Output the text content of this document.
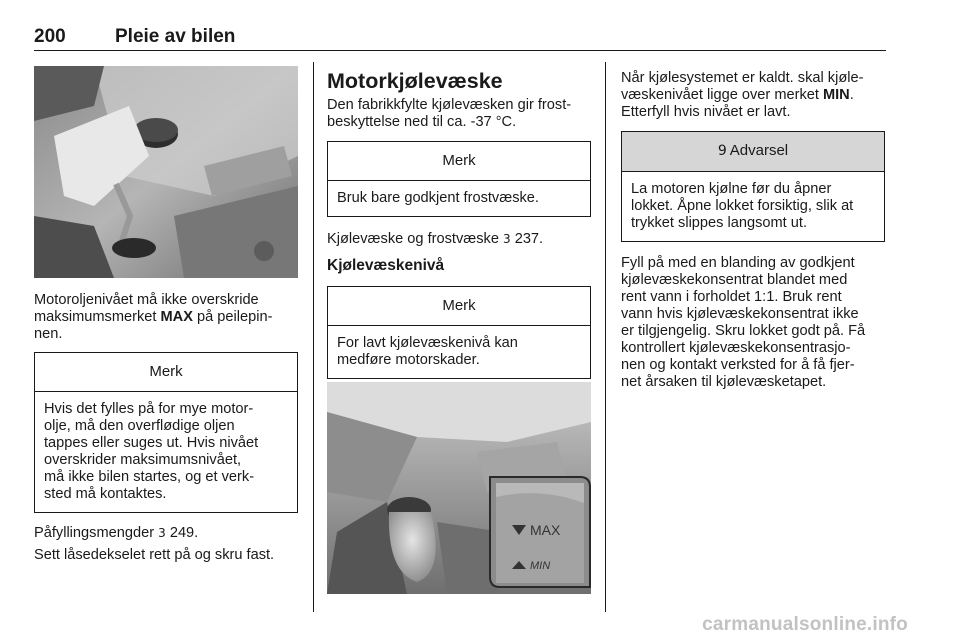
200	Pleie av bilen

Motoroljenivået må ikke overskride
maksimumsmerket MAX på peilepin-
nen.

Merk
Hvis det fylles på for mye motor-
olje, må den overflødige oljen
tappes eller suges ut. Hvis nivået
overskrider maksimumsnivået,
må ikke bilen startes, og et verk-
sted må kontaktes.

Påfyllingsmengder 3 249.

Sett låsedekselet rett på og skru fast.

Motorkjølevæske

Den fabrikkfylte kjølevæsken gir frost-
beskyttelse ned til ca. -37 °C.

Merk
Bruk bare godkjent frostvæske.

Kjølevæske og frostvæske 3 237.

Kjølevæskenivå
Merk
For lavt kjølevæskenivå kan
medføre motorskader.
MAX
MIN

Når kjølesystemet er kaldt. skal kjøle-
væskenivået ligge over merket MIN.
Etterfyll hvis nivået er lavt.

9 Advarsel
La motoren kjølne før du åpner
lokket. Åpne lokket forsiktig, slik at
trykket slippes langsomt ut.

Fyll på med en blanding av godkjent
kjølevæskekonsentrat blandet med
rent vann i forholdet 1:1. Bruk rent
vann hvis kjølevæskekonsentrat ikke
er tilgjengelig. Skru lokket godt på. Få
kontrollert kjølevæskekonsentrasjo-
nen og kontakt verksted for å få fjer-
net årsaken til kjølevæsketapet.

carmanualsonline.info
